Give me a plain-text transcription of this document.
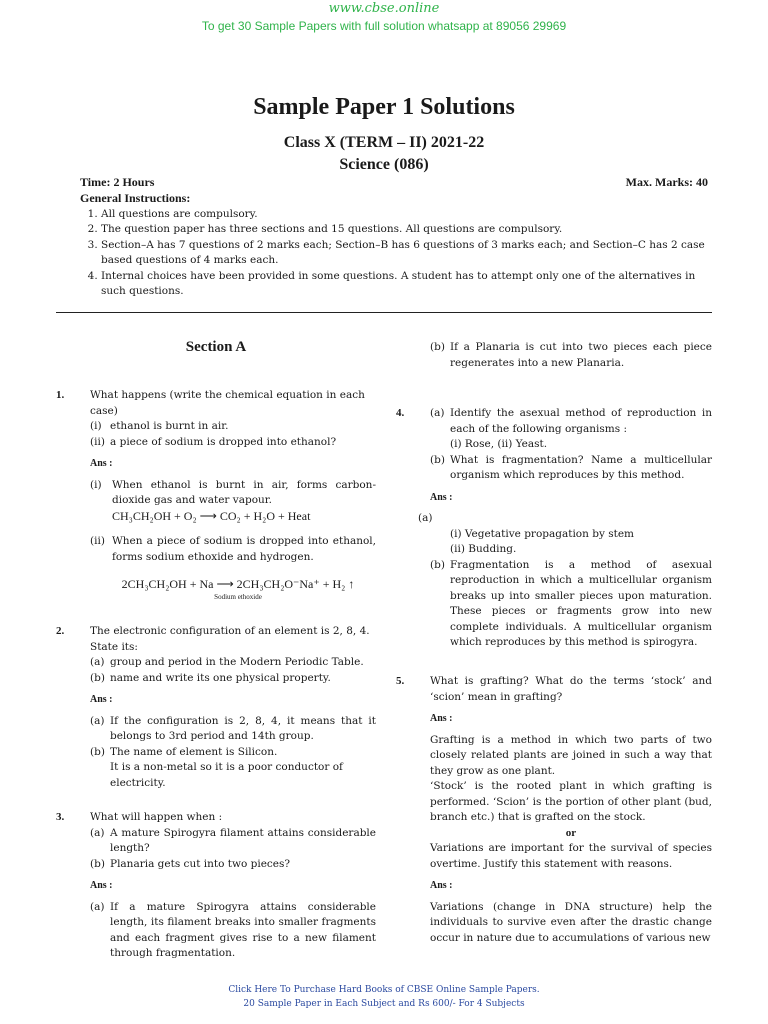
www.cbse.online
To get 30 Sample Papers with full solution whatsapp at 89056 29969
Sample Paper 1 Solutions
Class X (TERM – II) 2021-22
Science (086)
Time: 2 Hours	Max. Marks: 40
General Instructions:
1. All questions are compulsory.
2. The question paper has three sections and 15 questions. All questions are compulsory.
3. Section–A has 7 questions of 2 marks each; Section–B has 6 questions of 3 marks each; and Section–C has 2 case based questions of 4 marks each.
4. Internal choices have been provided in some questions. A student has to attempt only one of the alternatives in such questions.
Section A
1. What happens (write the chemical equation in each case)
(i) ethanol is burnt in air.
(ii) a piece of sodium is dropped into ethanol?
Ans :
(i) When ethanol is burnt in air, forms carbon-dioxide gas and water vapour.
CH₃CH₂OH + O₂ ⟶ CO₂ + H₂O + Heat
(ii) When a piece of sodium is dropped into ethanol, forms sodium ethoxide and hydrogen.
2CH₃CH₂OH + Na ⟶ 2CH₃CH₂O⁻Na⁺ + H₂ ↑
Sodium ethoxide
2. The electronic configuration of an element is 2, 8, 4. State its:
(a) group and period in the Modern Periodic Table.
(b) name and write its one physical property.
Ans :
(a) If the configuration is 2, 8, 4, it means that it belongs to 3rd period and 14th group.
(b) The name of element is Silicon.
It is a non-metal so it is a poor conductor of electricity.
3. What will happen when :
(a) A mature Spirogyra filament attains considerable length?
(b) Planaria gets cut into two pieces?
Ans :
(a) If a mature Spirogyra attains considerable length, its filament breaks into smaller fragments and each fragment gives rise to a new filament through fragmentation.
(b) If a Planaria is cut into two pieces each piece regenerates into a new Planaria.
4. (a) Identify the asexual method of reproduction in each of the following organisms :
(i) Rose, (ii) Yeast.
(b) What is fragmentation? Name a multicellular organism which reproduces by this method.
Ans :
(a)
(i) Vegetative propagation by stem
(ii) Budding.
(b) Fragmentation is a method of asexual reproduction in which a multicellular organism breaks up into smaller pieces upon maturation. These pieces or fragments grow into new complete individuals. A multicellular organism which reproduces by this method is spirogyra.
5. What is grafting? What do the terms ‘stock’ and ‘scion’ mean in grafting?
Ans :
Grafting is a method in which two parts of two closely related plants are joined in such a way that they grow as one plant.
‘Stock’ is the rooted plant in which grafting is performed. ‘Scion’ is the portion of other plant (bud, branch etc.) that is grafted on the stock.
or
Variations are important for the survival of species overtime. Justify this statement with reasons.
Ans :
Variations (change in DNA structure) help the individuals to survive even after the drastic change occur in nature due to accumulations of various new
Click Here To Purchase Hard Books of CBSE Online Sample Papers.
20 Sample Paper in Each Subject and Rs 600/- For 4 Subjects
